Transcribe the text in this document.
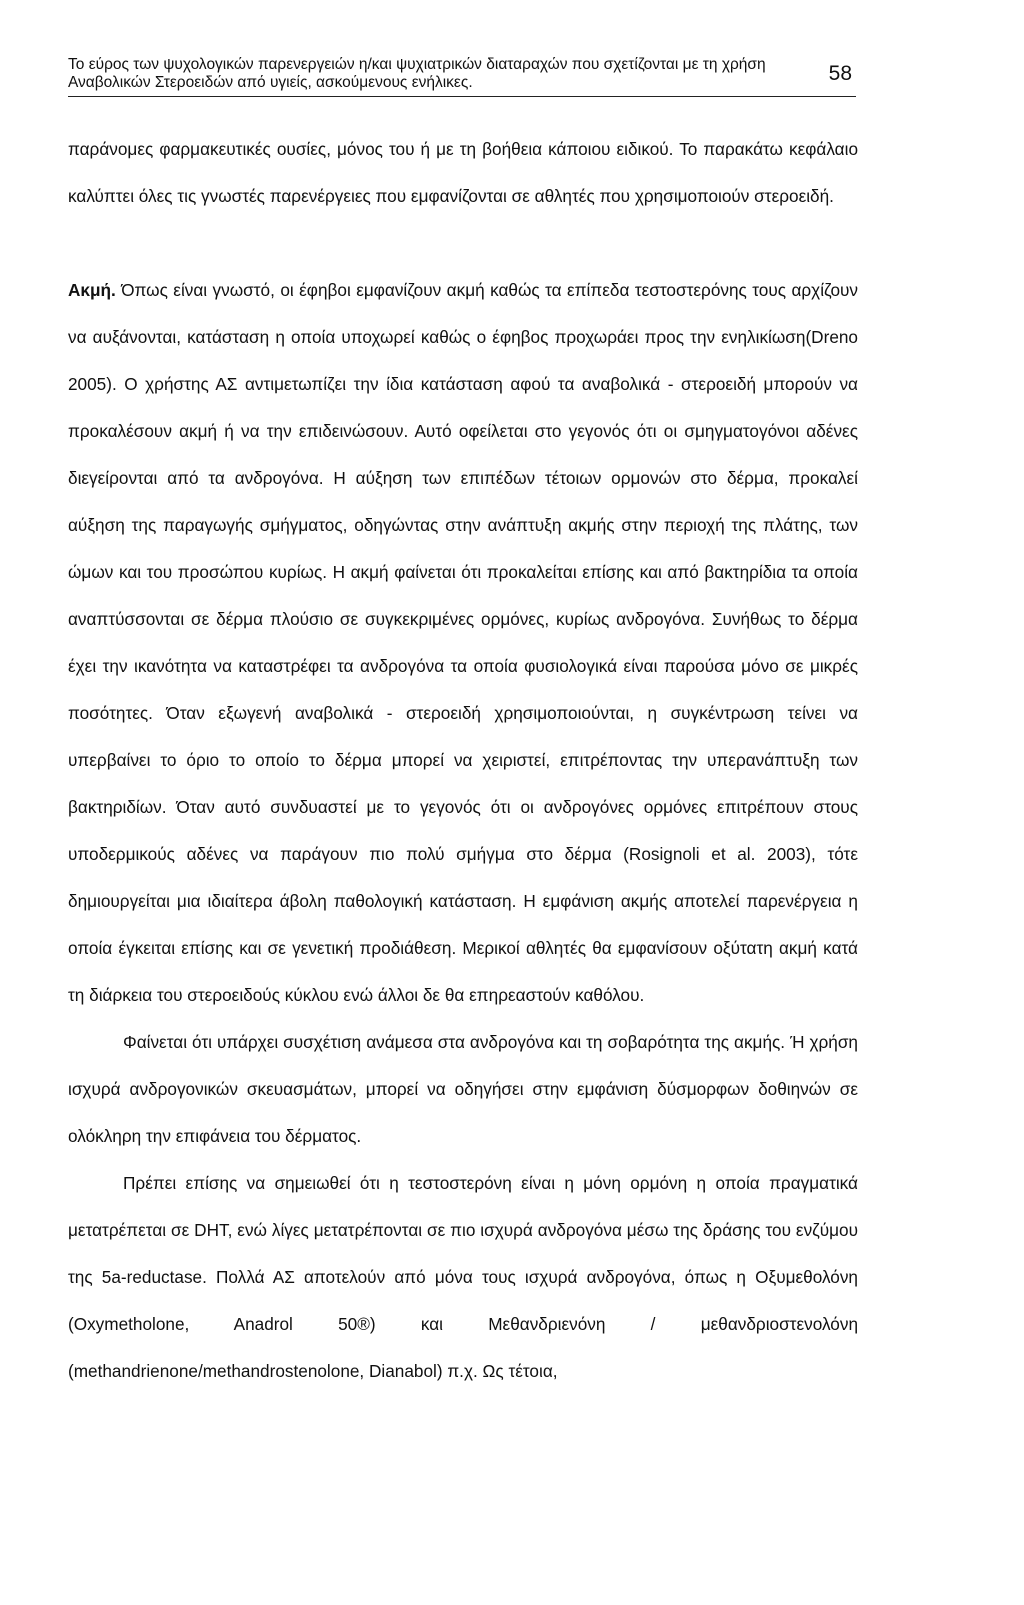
Το εύρος των ψυχολογικών παρενεργειών η/και ψυχιατρικών διαταραχών που σχετίζονται με τη χρήση Αναβολικών Στεροειδών από υγιείς, ασκούμενους ενήλικες.	58

παράνομες φαρμακευτικές ουσίες, μόνος του ή με τη βοήθεια κάποιου ειδικού. Το παρακάτω κεφάλαιο καλύπτει όλες τις γνωστές παρενέργειες που εμφανίζονται σε αθλητές που χρησιμοποιούν στεροειδή.

Ακμή. Όπως είναι γνωστό, οι έφηβοι εμφανίζουν ακμή καθώς τα επίπεδα τεστοστερόνης τους αρχίζουν να αυξάνονται, κατάσταση η οποία υποχωρεί καθώς ο έφηβος προχωράει προς την ενηλικίωση(Dreno 2005). Ο χρήστης ΑΣ αντιμετωπίζει την ίδια κατάσταση αφού τα αναβολικά - στεροειδή μπορούν να προκαλέσουν ακμή ή να την επιδεινώσουν. Αυτό οφείλεται στο γεγονός ότι οι σμηγματογόνοι αδένες διεγείρονται από τα ανδρογόνα. Η αύξηση των επιπέδων τέτοιων ορμονών στο δέρμα, προκαλεί αύξηση της παραγωγής σμήγματος, οδηγώντας στην ανάπτυξη ακμής στην περιοχή της πλάτης, των ώμων και του προσώπου κυρίως. Η ακμή φαίνεται ότι προκαλείται επίσης και από βακτηρίδια τα οποία αναπτύσσονται σε δέρμα πλούσιο σε συγκεκριμένες ορμόνες, κυρίως ανδρογόνα. Συνήθως το δέρμα έχει την ικανότητα να καταστρέφει τα ανδρογόνα τα οποία φυσιολογικά είναι παρούσα μόνο σε μικρές ποσότητες. Όταν εξωγενή αναβολικά - στεροειδή χρησιμοποιούνται, η συγκέντρωση τείνει να υπερβαίνει το όριο το οποίο το δέρμα μπορεί να χειριστεί, επιτρέποντας την υπερανάπτυξη των βακτηριδίων. Όταν αυτό συνδυαστεί με το γεγονός ότι οι ανδρογόνες ορμόνες επιτρέπουν στους υποδερμικούς αδένες να παράγουν πιο πολύ σμήγμα στο δέρμα (Rosignoli et al. 2003), τότε δημιουργείται μια ιδιαίτερα άβολη παθολογική κατάσταση. Η εμφάνιση ακμής αποτελεί παρενέργεια η οποία έγκειται επίσης και σε γενετική προδιάθεση. Μερικοί αθλητές θα εμφανίσουν οξύτατη ακμή κατά τη διάρκεια του στεροειδούς κύκλου ενώ άλλοι δε θα επηρεαστούν καθόλου.

Φαίνεται ότι υπάρχει συσχέτιση ανάμεσα στα ανδρογόνα και τη σοβαρότητα της ακμής. Ή χρήση ισχυρά ανδρογονικών σκευασμάτων, μπορεί να οδηγήσει στην εμφάνιση δύσμορφων δοθιηνών σε ολόκληρη την επιφάνεια του δέρματος.

Πρέπει επίσης να σημειωθεί ότι η τεστοστερόνη είναι η μόνη ορμόνη η οποία πραγματικά μετατρέπεται σε DHT, ενώ λίγες μετατρέπονται σε πιο ισχυρά ανδρογόνα μέσω της δράσης του ενζύμου της 5a-reductase. Πολλά ΑΣ αποτελούν από μόνα τους ισχυρά ανδρογόνα, όπως η Οξυμεθολόνη (Oxymetholone, Anadrol 50®) και Μεθανδριενόνη / μεθανδριοστενολόνη (methandrienone/methandrostenolone, Dianabol) π.χ. Ως τέτοια,
